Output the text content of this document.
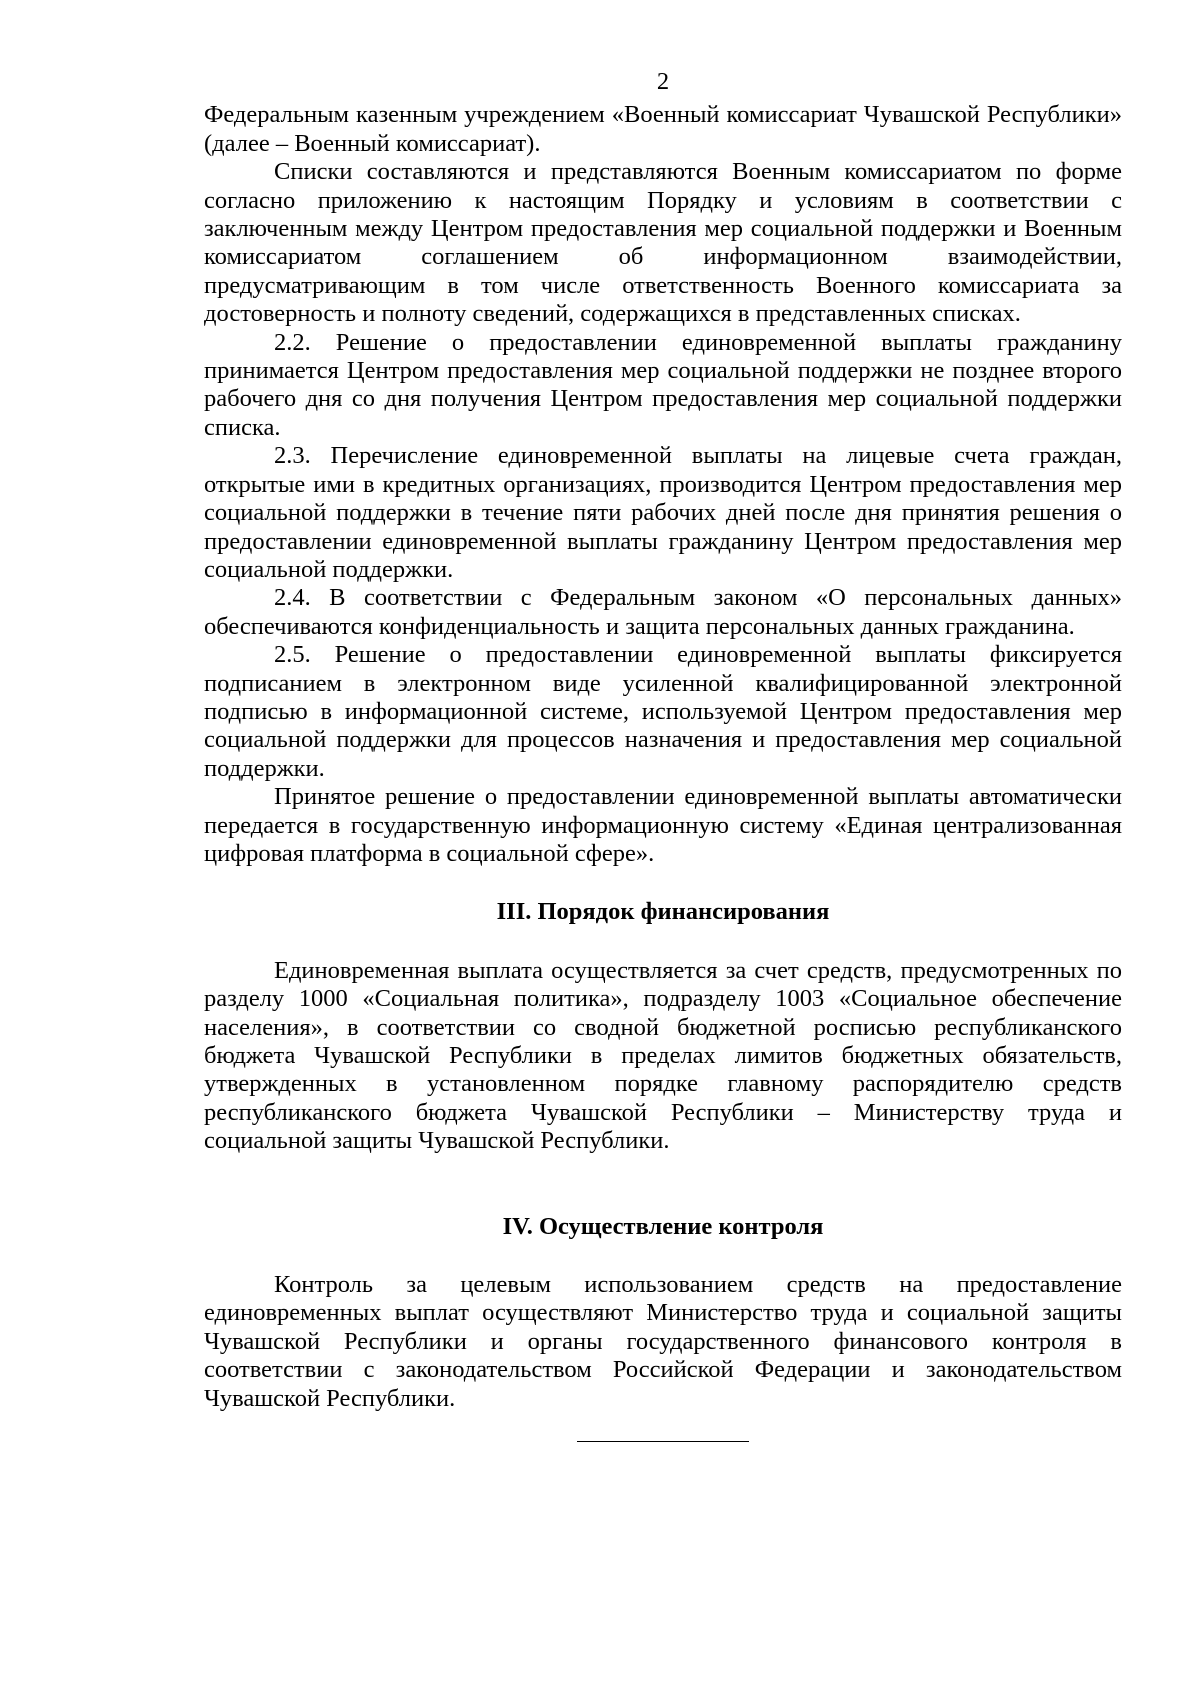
2

Федеральным казенным учреждением «Военный комиссариат Чувашской Республики» (далее – Военный комиссариат).

Списки составляются и представляются Военным комиссариатом по форме согласно приложению к настоящим Порядку и условиям в соответствии с заключенным между Центром предоставления мер социальной поддержки и Военным комиссариатом соглашением об информационном взаимодействии, предусматривающим в том числе ответственность Военного комиссариата за достоверность и полноту сведений, содержащихся в представленных списках.

2.2. Решение о предоставлении единовременной выплаты гражданину принимается Центром предоставления мер социальной поддержки не позднее второго рабочего дня со дня получения Центром предоставления мер социальной поддержки списка.

2.3. Перечисление единовременной выплаты на лицевые счета граждан, открытые ими в кредитных организациях, производится Центром предоставления мер социальной поддержки в течение пяти рабочих дней после дня принятия решения о предоставлении единовременной выплаты гражданину Центром предоставления мер социальной поддержки.

2.4. В соответствии с Федеральным законом «О персональных данных» обеспечиваются конфиденциальность и защита персональных данных гражданина.

2.5. Решение о предоставлении единовременной выплаты фиксируется подписанием в электронном виде усиленной квалифицированной электронной подписью в информационной системе, используемой Центром предоставления мер социальной поддержки для процессов назначения и предоставления мер социальной поддержки.

Принятое решение о предоставлении единовременной выплаты автоматически передается в государственную информационную систему «Единая централизованная цифровая платформа в социальной сфере».

III. Порядок финансирования

Единовременная выплата осуществляется за счет средств, предусмотренных по разделу 1000 «Социальная политика», подразделу 1003 «Социальное обеспечение населения», в соответствии со сводной бюджетной росписью республиканского бюджета Чувашской Республики в пределах лимитов бюджетных обязательств, утвержденных в установленном порядке главному распорядителю средств республиканского бюджета Чувашской Республики – Министерству труда и социальной защиты Чувашской Республики.

IV. Осуществление контроля

Контроль за целевым использованием средств на предоставление единовременных выплат осуществляют Министерство труда и социальной защиты Чувашской Республики и органы государственного финансового контроля в соответствии с законодательством Российской Федерации и законодательством Чувашской Республики.
